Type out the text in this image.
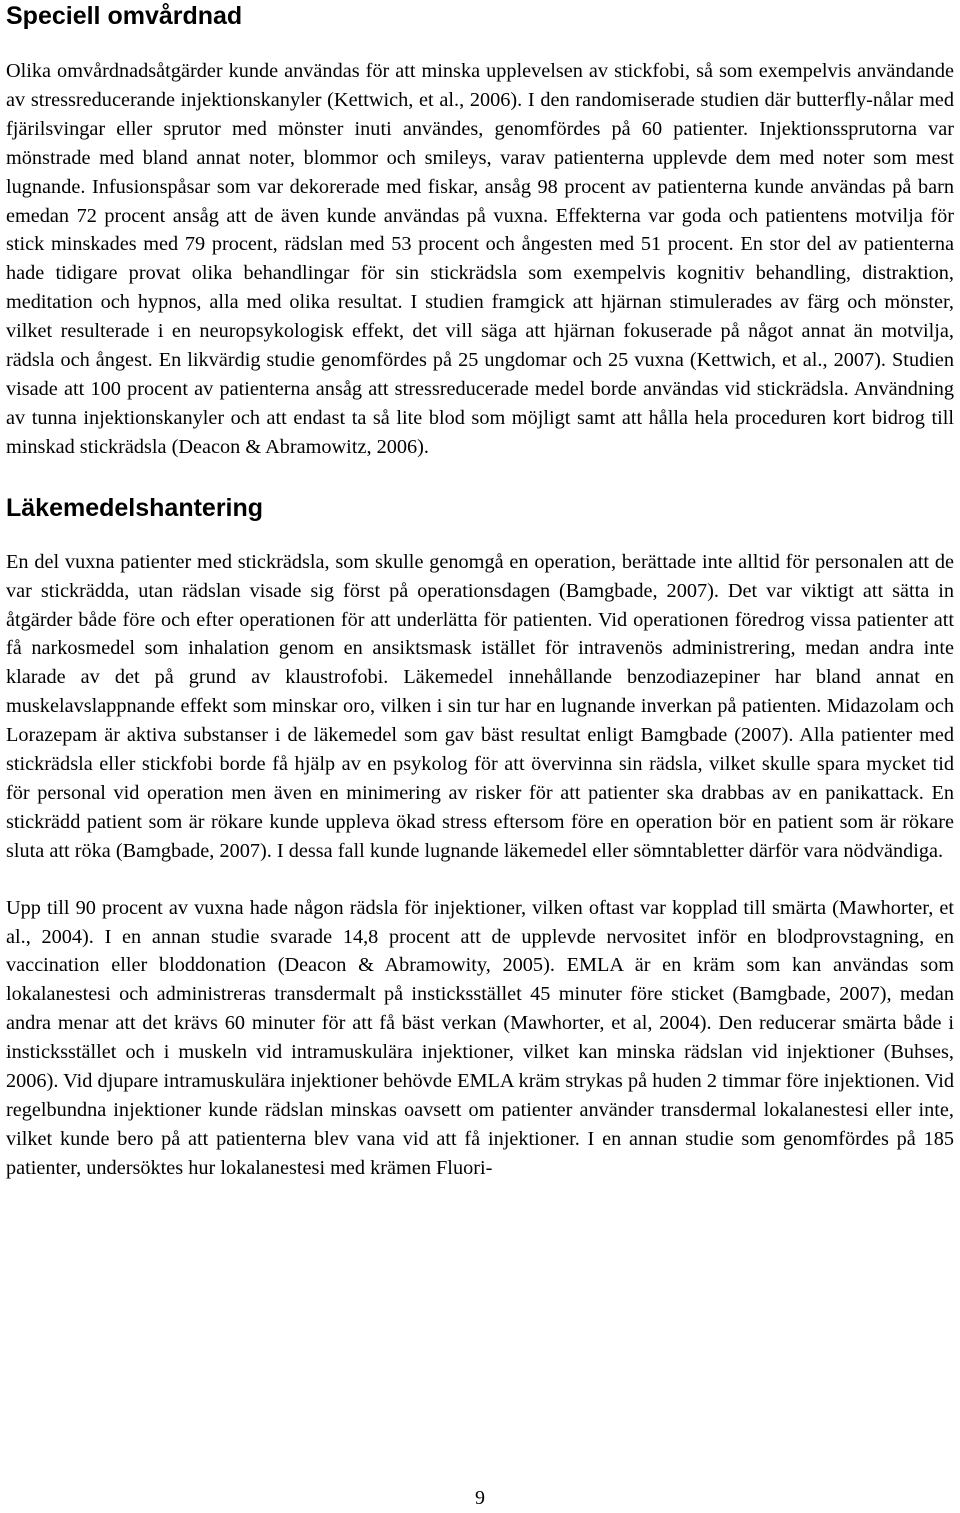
Speciell omvårdnad

Olika omvårdnadsåtgärder kunde användas för att minska upplevelsen av stickfobi, så som exempelvis användande av stressreducerande injektionskanyler (Kettwich, et al., 2006). I den randomiserade studien där butterfly-nålar med fjärilsvingar eller sprutor med mönster inuti användes, genomfördes på 60 patienter. Injektionssprutorna var mönstrade med bland annat noter, blommor och smileys, varav patienterna upplevde dem med noter som mest lugnande. Infusionspåsar som var dekorerade med fiskar, ansåg 98 procent av patienterna kunde användas på barn emedan 72 procent ansåg att de även kunde användas på vuxna. Effekterna var goda och patientens motvilja för stick minskades med 79 procent, rädslan med 53 procent och ångesten med 51 procent. En stor del av patienterna hade tidigare provat olika behandlingar för sin stickrädsla som exempelvis kognitiv behandling, distraktion, meditation och hypnos, alla med olika resultat. I studien framgick att hjärnan stimulerades av färg och mönster, vilket resulterade i en neuropsykologisk effekt, det vill säga att hjärnan fokuserade på något annat än motvilja, rädsla och ångest. En likvärdig studie genomfördes på 25 ungdomar och 25 vuxna (Kettwich, et al., 2007). Studien visade att 100 procent av patienterna ansåg att stressreducerade medel borde användas vid stickrädsla. Användning av tunna injektionskanyler och att endast ta så lite blod som möjligt samt att hålla hela proceduren kort bidrog till minskad stickrädsla (Deacon & Abramowitz, 2006).

Läkemedelshantering

En del vuxna patienter med stickrädsla, som skulle genomgå en operation, berättade inte alltid för personalen att de var stickrädda, utan rädslan visade sig först på operationsdagen (Bamgbade, 2007). Det var viktigt att sätta in åtgärder både före och efter operationen för att underlätta för patienten. Vid operationen föredrog vissa patienter att få narkosmedel som inhalation genom en ansiktsmask istället för intravenös administrering, medan andra inte klarade av det på grund av klaustrofobi. Läkemedel innehållande benzodiazepiner har bland annat en muskelavslappnande effekt som minskar oro, vilken i sin tur har en lugnande inverkan på patienten. Midazolam och Lorazepam är aktiva substanser i de läkemedel som gav bäst resultat enligt Bamgbade (2007). Alla patienter med stickrädsla eller stickfobi borde få hjälp av en psykolog för att övervinna sin rädsla, vilket skulle spara mycket tid för personal vid operation men även en minimering av risker för att patienter ska drabbas av en panikattack. En stickrädd patient som är rökare kunde uppleva ökad stress eftersom före en operation bör en patient som är rökare sluta att röka (Bamgbade, 2007). I dessa fall kunde lugnande läkemedel eller sömntabletter därför vara nödvändiga.

Upp till 90 procent av vuxna hade någon rädsla för injektioner, vilken oftast var kopplad till smärta (Mawhorter, et al., 2004). I en annan studie svarade 14,8 procent att de upplevde nervositet inför en blodprovstagning, en vaccination eller bloddonation (Deacon & Abramowity, 2005). EMLA är en kräm som kan användas som lokalanestesi och administreras transdermalt på insticksstället 45 minuter före sticket (Bamgbade, 2007), medan andra menar att det krävs 60 minuter för att få bäst verkan (Mawhorter, et al, 2004). Den reducerar smärta både i insticksstället och i muskeln vid intramuskulära injektioner, vilket kan minska rädslan vid injektioner (Buhses, 2006). Vid djupare intramuskulära injektioner behövde EMLA kräm strykas på huden 2 timmar före injektionen. Vid regelbundna injektioner kunde rädslan minskas oavsett om patienter använder transdermal lokalanestesi eller inte, vilket kunde bero på att patienterna blev vana vid att få injektioner. I en annan studie som genomfördes på 185 patienter, undersöktes hur lokalanestesi med krämen Fluori-

9
